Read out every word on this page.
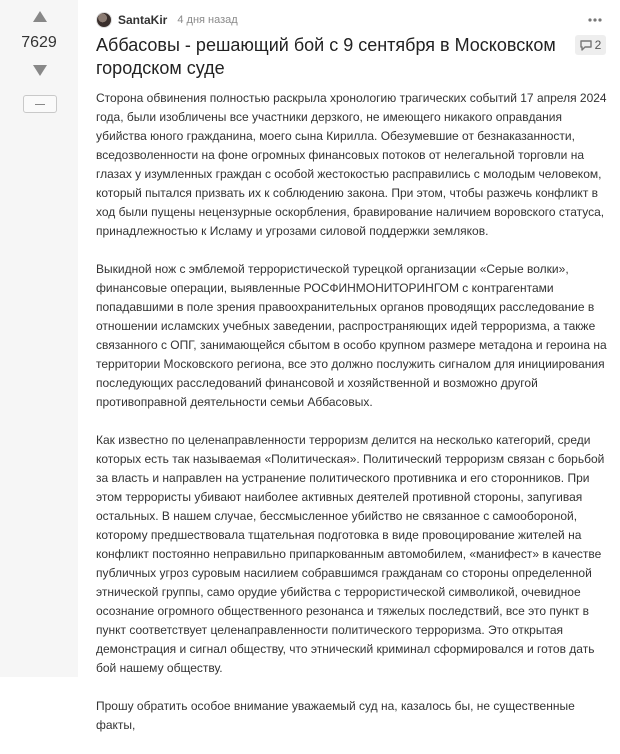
7629
SantaKir 4 дня назад
Аббасовы - решающий бой с 9 сентября в Московском городском суде
2

Сторона обвинения полностью раскрыла хронологию трагических событий 17 апреля 2024 года, были изобличены все участники дерзкого, не имеющего никакого оправдания убийства юного гражданина, моего сына Кирилла. Обезумевшие от безнаказанности, вседозволенности на фоне огромных финансовых потоков от нелегальной торговли на глазах у изумленных граждан с особой жестокостью расправились с молодым человеком, который пытался призвать их к соблюдению закона. При этом, чтобы разжечь конфликт в ход были пущены нецензурные оскорбления, бравирование наличием воровского статуса, принадлежностью к Исламу и угрозами силовой поддержки земляков.

Выкидной нож с эмблемой террористической турецкой организации «Серые волки», финансовые операции, выявленные РОСФИНМОНИТОРИНГОМ с контрагентами попадавшими в поле зрения правоохранительных органов проводящих расследование в отношении исламских учебных заведении, распространяющих идей терроризма, а также связанного с ОПГ, занимающейся сбытом в особо крупном размере метадона и героина на территории Московского региона, все это должно послужить сигналом для инициирования последующих расследований финансовой и хозяйственной и возможно другой противоправной деятельности семьи Аббасовых.

Как известно по целенаправленности терроризм делится на несколько категорий, среди которых есть так называемая «Политическая». Политический терроризм связан с борьбой за власть и направлен на устранение политического противника и его сторонников. При этом террористы убивают наиболее активных деятелей противной стороны, запугивая остальных. В нашем случае, бессмысленное убийство не связанное с самообороной, которому предшествовала тщательная подготовка в виде провоцирование жителей на конфликт постоянно неправильно припаркованным автомобилем, «манифест» в качестве публичных угроз суровым насилием собравшимся гражданам со стороны определенной этнической группы, само орудие убийства с террористической символикой, очевидное осознание огромного общественного резонанса и тяжелых последствий, все это пункт в пункт соответствует целенаправленности политического терроризма. Это открытая демонстрация и сигнал обществу, что этнический криминал сформировался и готов дать бой нашему обществу.

Прошу обратить особое внимание уважаемый суд на, казалось бы, не существенные факты,
